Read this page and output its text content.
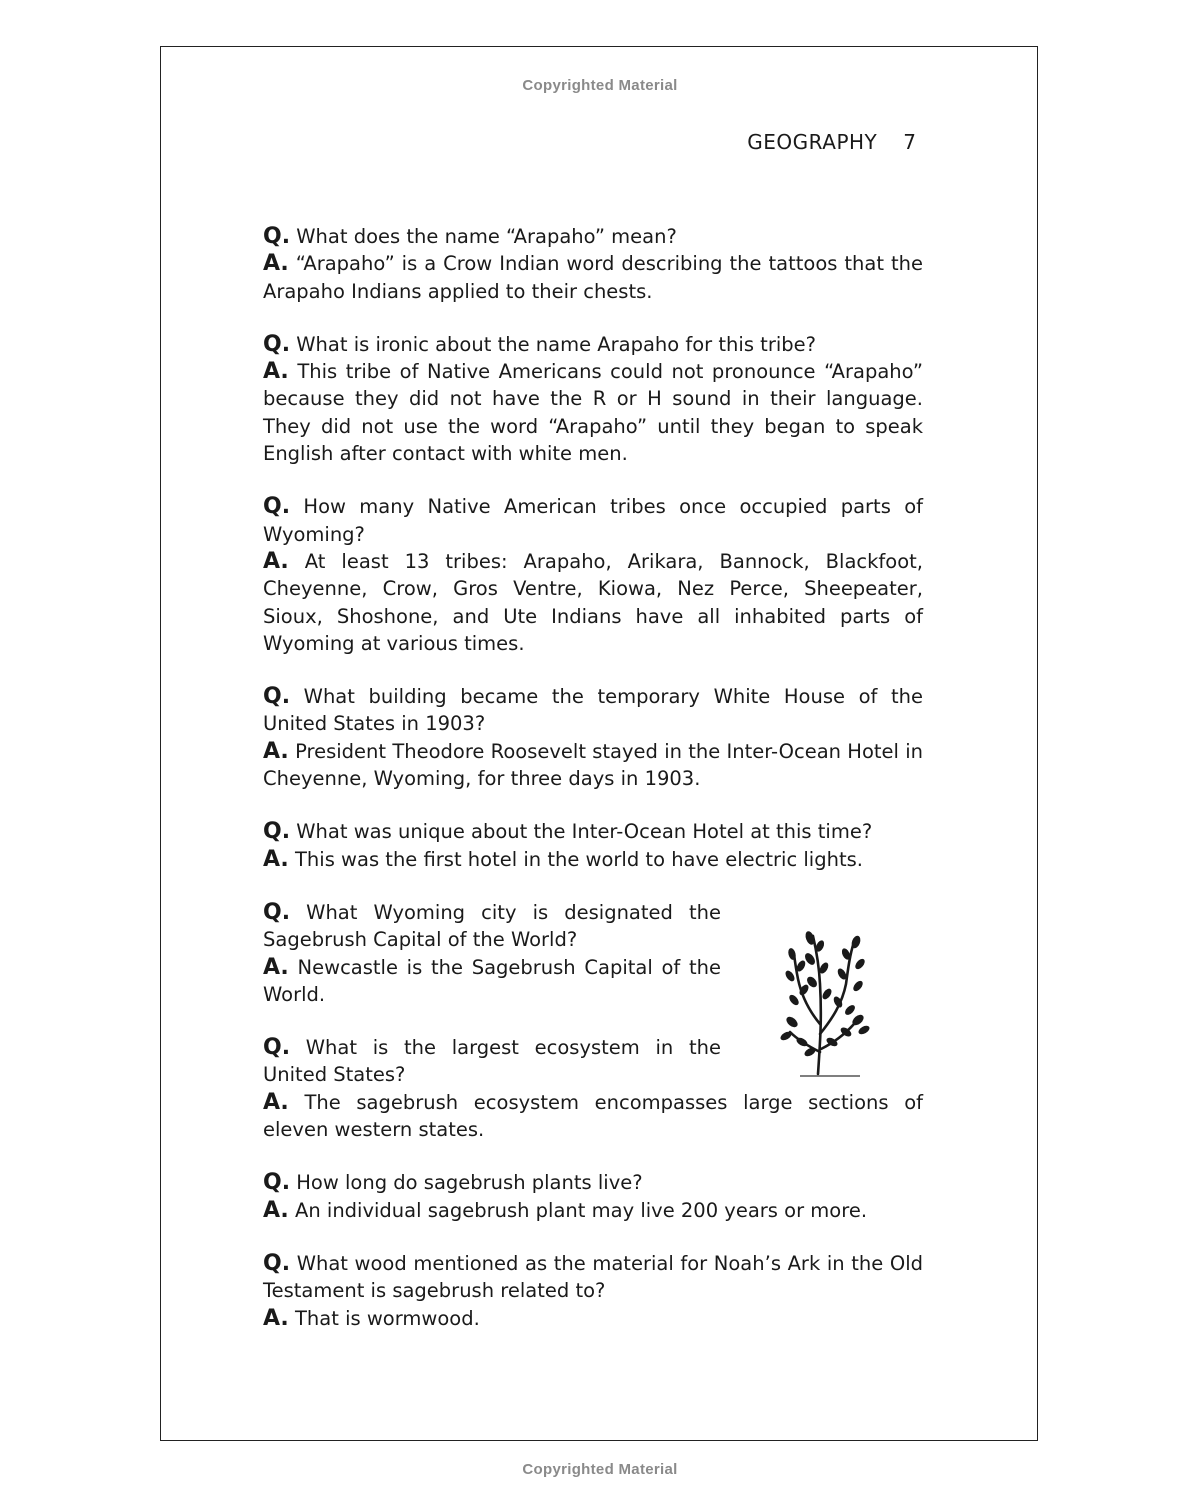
Copyrighted Material
GEOGRAPHY 7

Q. What does the name “Arapaho” mean?

A. “Arapaho” is a Crow Indian word describing the tattoos that the Arapaho Indians applied to their chests.

Q. What is ironic about the name Arapaho for this tribe?

A. This tribe of Native Americans could not pronounce “Arapaho” because they did not have the R or H sound in their language. They did not use the word “Arapaho” until they began to speak English after contact with white men.

Q. How many Native American tribes once occupied parts of Wyoming?

A. At least 13 tribes: Arapaho, Arikara, Bannock, Blackfoot, Cheyenne, Crow, Gros Ventre, Kiowa, Nez Perce, Sheepeater, Sioux, Shoshone, and Ute Indians have all inhabited parts of Wyoming at various times.

Q. What building became the temporary White House of the United States in 1903?

A. President Theodore Roosevelt stayed in the Inter-Ocean Hotel in Cheyenne, Wyoming, for three days in 1903.

Q. What was unique about the Inter-Ocean Hotel at this time?

A. This was the first hotel in the world to have electric lights.

Q. What Wyoming city is designated the Sagebrush Capital of the World?

A. Newcastle is the Sagebrush Capital of the World.

Q. What is the largest ecosystem in the United States?

A. The sagebrush ecosystem encompasses large sections of eleven western states.

Q. How long do sagebrush plants live?

A. An individual sagebrush plant may live 200 years or more.

Q. What wood mentioned as the material for Noah’s Ark in the Old Testament is sagebrush related to?

A. That is wormwood.

Copyrighted Material
